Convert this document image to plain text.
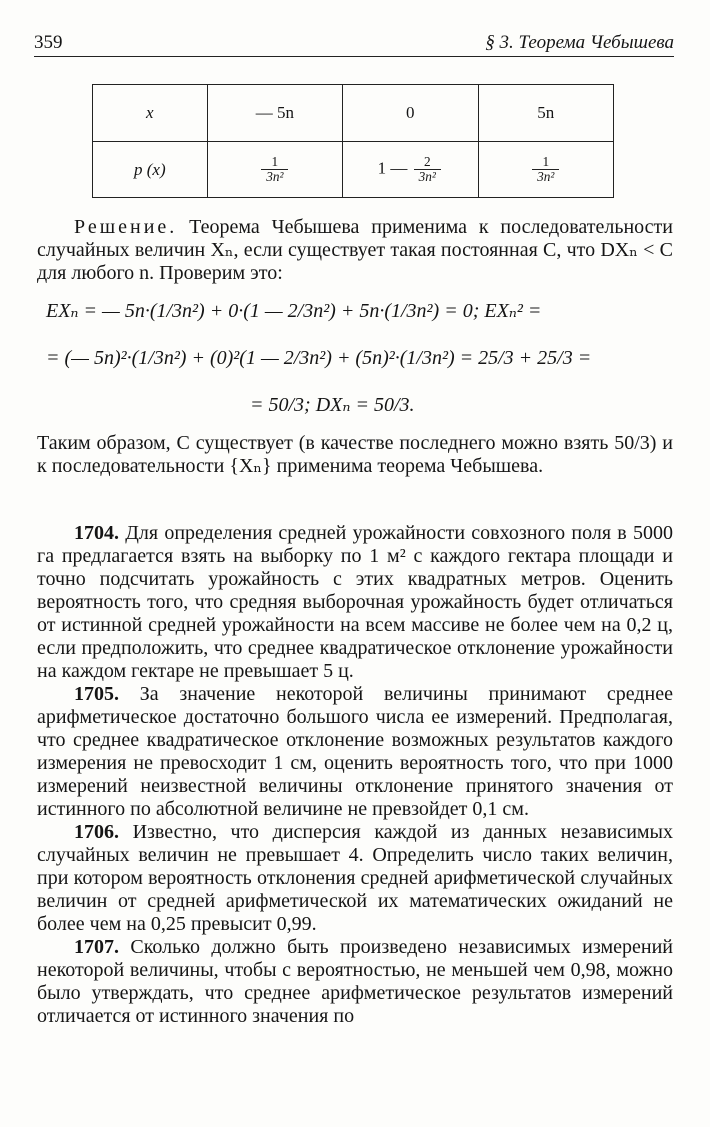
359	§ 3. Теорема Чебышева
x	— 5n	0	5n
p (x)	$\frac{1}{\text{3n²}}$	1 — $\frac{2}{\text{3n²}}$	$\frac{1}{\text{3n²}}$

Решение. Теорема Чебышева применима к последовательности случайных величин Xₙ, если существует такая постоянная C, что DXₙ < C для любого n. Проверим это:

EXₙ = — 5n·(1/3n²) + 0·(1 — 2/3n²) + 5n·(1/3n²) = 0; EXₙ² =
= (— 5n)²·(1/3n²) + (0)²(1 — 2/3n²) + (5n)²·(1/3n²) = 25/3 + 25/3 =
= 50/3; DXₙ = 50/3.

Таким образом, C существует (в качестве последнего можно взять 50/3) и к последовательности {Xₙ} применима теорема Чебышева.

1704. Для определения средней урожайности совхозного поля в 5000 га предлагается взять на выборку по 1 м² с каждого гектара площади и точно подсчитать урожайность с этих квадратных метров. Оценить вероятность того, что средняя выборочная урожайность будет отличаться от истинной средней урожайности на всем массиве не более чем на 0,2 ц, если предположить, что среднее квадратическое отклонение урожайности на каждом гектаре не превышает 5 ц.

1705. За значение некоторой величины принимают среднее арифметическое достаточно большого числа ее измерений. Предполагая, что среднее квадратическое отклонение возможных результатов каждого измерения не превосходит 1 см, оценить вероятность того, что при 1000 измерений неизвестной величины отклонение принятого значения от истинного по абсолютной величине не превзойдет 0,1 см.

1706. Известно, что дисперсия каждой из данных независимых случайных величин не превышает 4. Определить число таких величин, при котором вероятность отклонения средней арифметической случайных величин от средней арифметической их математических ожиданий не более чем на 0,25 превысит 0,99.

1707. Сколько должно быть произведено независимых измерений некоторой величины, чтобы с вероятностью, не меньшей чем 0,98, можно было утверждать, что среднее арифметическое результатов измерений отличается от истинного значения по
